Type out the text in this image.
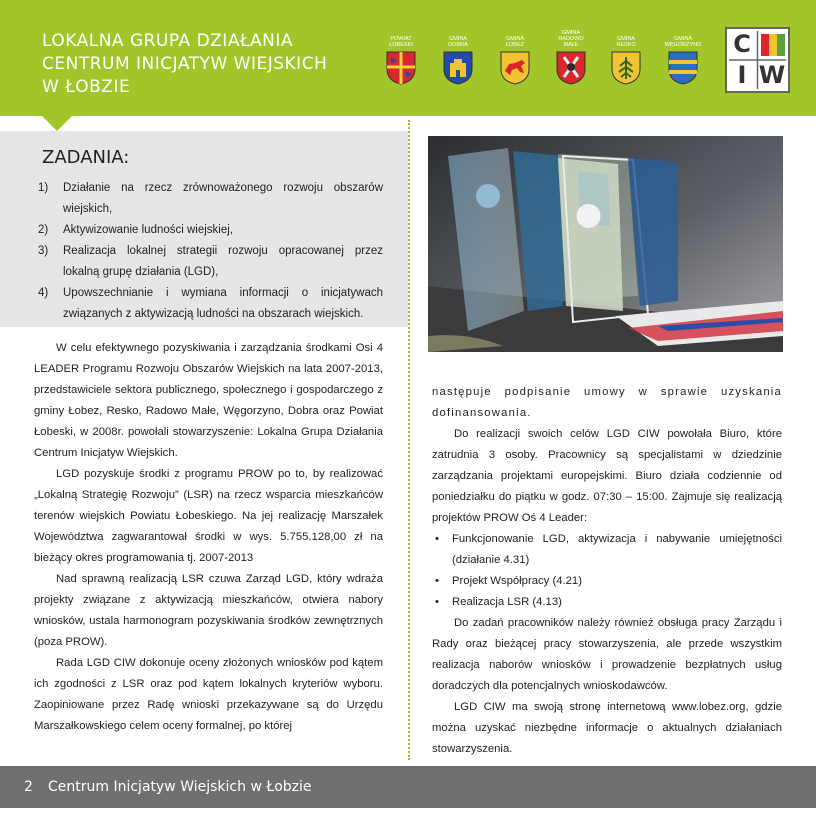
LOKALNA GRUPA DZIAŁANIA
CENTRUM INICJATYW WIEJSKICH
W ŁOBZIE
POWIAT
ŁOBESKI
GMINA
DOBRA
GMINA
ŁOBEZ
GMINA
RADOWO
MAŁE
GMINA
RESKO
GMINA
WĘGORZYNO	C
I W
ZADANIA:
1)	Działanie na rzecz zrównoważonego rozwoju obszarów wiejskich,
2)	Aktywizowanie ludności wiejskiej,
3)	Realizacja lokalnej strategii rozwoju opracowanej przez lokalną grupę działania (LGD),
4)	Upowszechnianie i wymiana informacji o inicjatywach związanych z aktywizacją ludności na obszarach wiejskich.

W celu efektywnego pozyskiwania i zarządzania środkami Osi 4 LEADER Programu Rozwoju Obszarów Wiejskich na lata 2007-2013, przedstawiciele sektora publicznego, społecznego i gospodarczego z gminy Łobez, Resko, Radowo Małe, Węgorzyno, Dobra oraz Powiat Łobeski, w 2008r. powołali stowarzyszenie: Lokalna Grupa Działania Centrum Inicjatyw Wiejskich.

LGD pozyskuje środki z programu PROW po to, by realizować „Lokalną Strategię Rozwoju” (LSR) na rzecz wsparcia mieszkańców terenów wiejskich Powiatu Łobeskiego. Na jej realizację Marszałek Województwa zagwarantował środki w wys. 5.755.128,00 zł na bieżący okres programowania tj. 2007-2013

Nad sprawną realizacją LSR czuwa Zarząd LGD, który wdraża projekty związane z aktywizacją mieszkańców, otwiera nabory wniosków, ustala harmonogram pozyskiwania środków zewnętrznych (poza PROW).

Rada LGD CIW dokonuje oceny złożonych wniosków pod kątem ich zgodności z LSR oraz pod kątem lokalnych kryteriów wyboru. Zaopiniowane przez Radę wnioski przekazywane są do Urzędu Marszałkowskiego celem oceny formalnej, po której

następuje podpisanie umowy w sprawie uzyskania dofinansowania.

Do realizacji swoich celów LGD CIW powołała Biuro, które zatrudnia 3 osoby. Pracownicy są specjalistami w dziedzinie zarządzania projektami europejskimi. Biuro działa codziennie od poniedziałku do piątku w godz. 07:30 – 15:00. Zajmuje się realizacją projektów PROW Oś 4 Leader:

• Funkcjonowanie LGD, aktywizacja i nabywanie umiejętności (działanie 4.31)
• Projekt Współpracy (4.21)
• Realizacja LSR (4.13)

Do zadań pracowników należy również obsługa pracy Zarządu i Rady oraz bieżącej pracy stowarzyszenia, ale przede wszystkim realizacja naborów wniosków i prowadzenie bezpłatnych usług doradczych dla potencjalnych wnioskodawców.

LGD CIW ma swoją stronę internetową www.lobez.org, gdzie można uzyskać niezbędne informacje o aktualnych działaniach stowarzyszenia.

2 Centrum Inicjatyw Wiejskich w Łobzie
